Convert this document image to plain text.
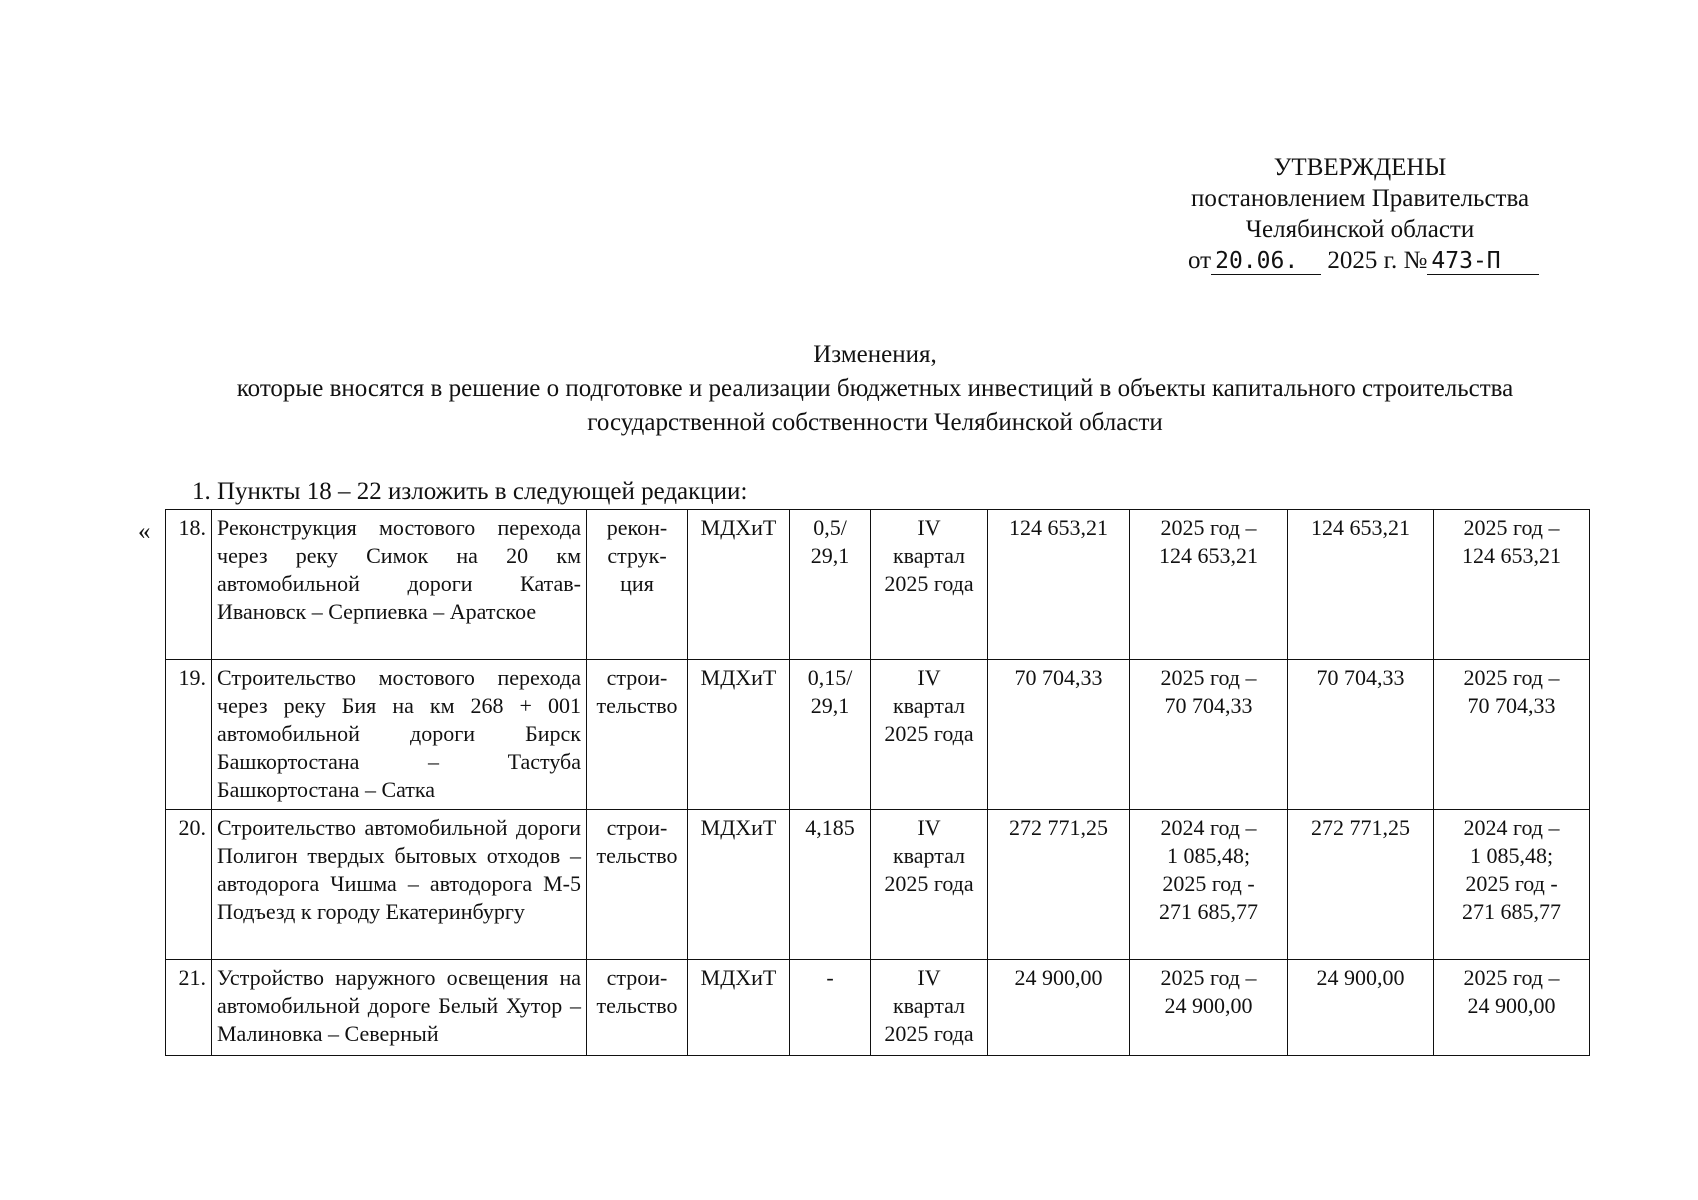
УТВЕРЖДЕНЫ
постановлением Правительства
Челябинской области
от 20.06. 2025 г. № 473-П
Изменения,
которые вносятся в решение о подготовке и реализации бюджетных инвестиций в объекты капитального строительства
государственной собственности Челябинской области
1. Пункты 18 – 22 изложить в следующей редакции:
« 18.	Реконструкция мостового перехода через реку Симок на 20 км автомобильной дороги Катав-Ивановск – Серпиевка – Аратское	рекон-
струк-
ция	МДХиТ	0,5/
29,1	IV
квартал
2025 года	124 653,21	2025 год –
124 653,21	124 653,21	2025 год –
124 653,21
19.	Строительство мостового перехода через реку Бия на км 268 + 001 автомобильной дороги Бирск Башкортостана – Тастуба Башкортостана – Сатка	строи-
тельство	МДХиТ	0,15/
29,1	IV
квартал
2025 года	70 704,33	2025 год –
70 704,33	70 704,33	2025 год –
70 704,33
20.	Строительство автомобильной дороги Полигон твердых бытовых отходов – автодорога Чишма – автодорога М-5 Подъезд к городу Екатеринбургу	строи-
тельство	МДХиТ	4,185	IV
квартал
2025 года	272 771,25	2024 год –
1 085,48;
2025 год -
271 685,77	272 771,25	2024 год –
1 085,48;
2025 год -
271 685,77
21.	Устройство наружного освещения на автомобильной дороге Белый Хутор – Малиновка – Северный	строи-
тельство	МДХиТ	-	IV
квартал
2025 года	24 900,00	2025 год –
24 900,00	24 900,00	2025 год –
24 900,00
